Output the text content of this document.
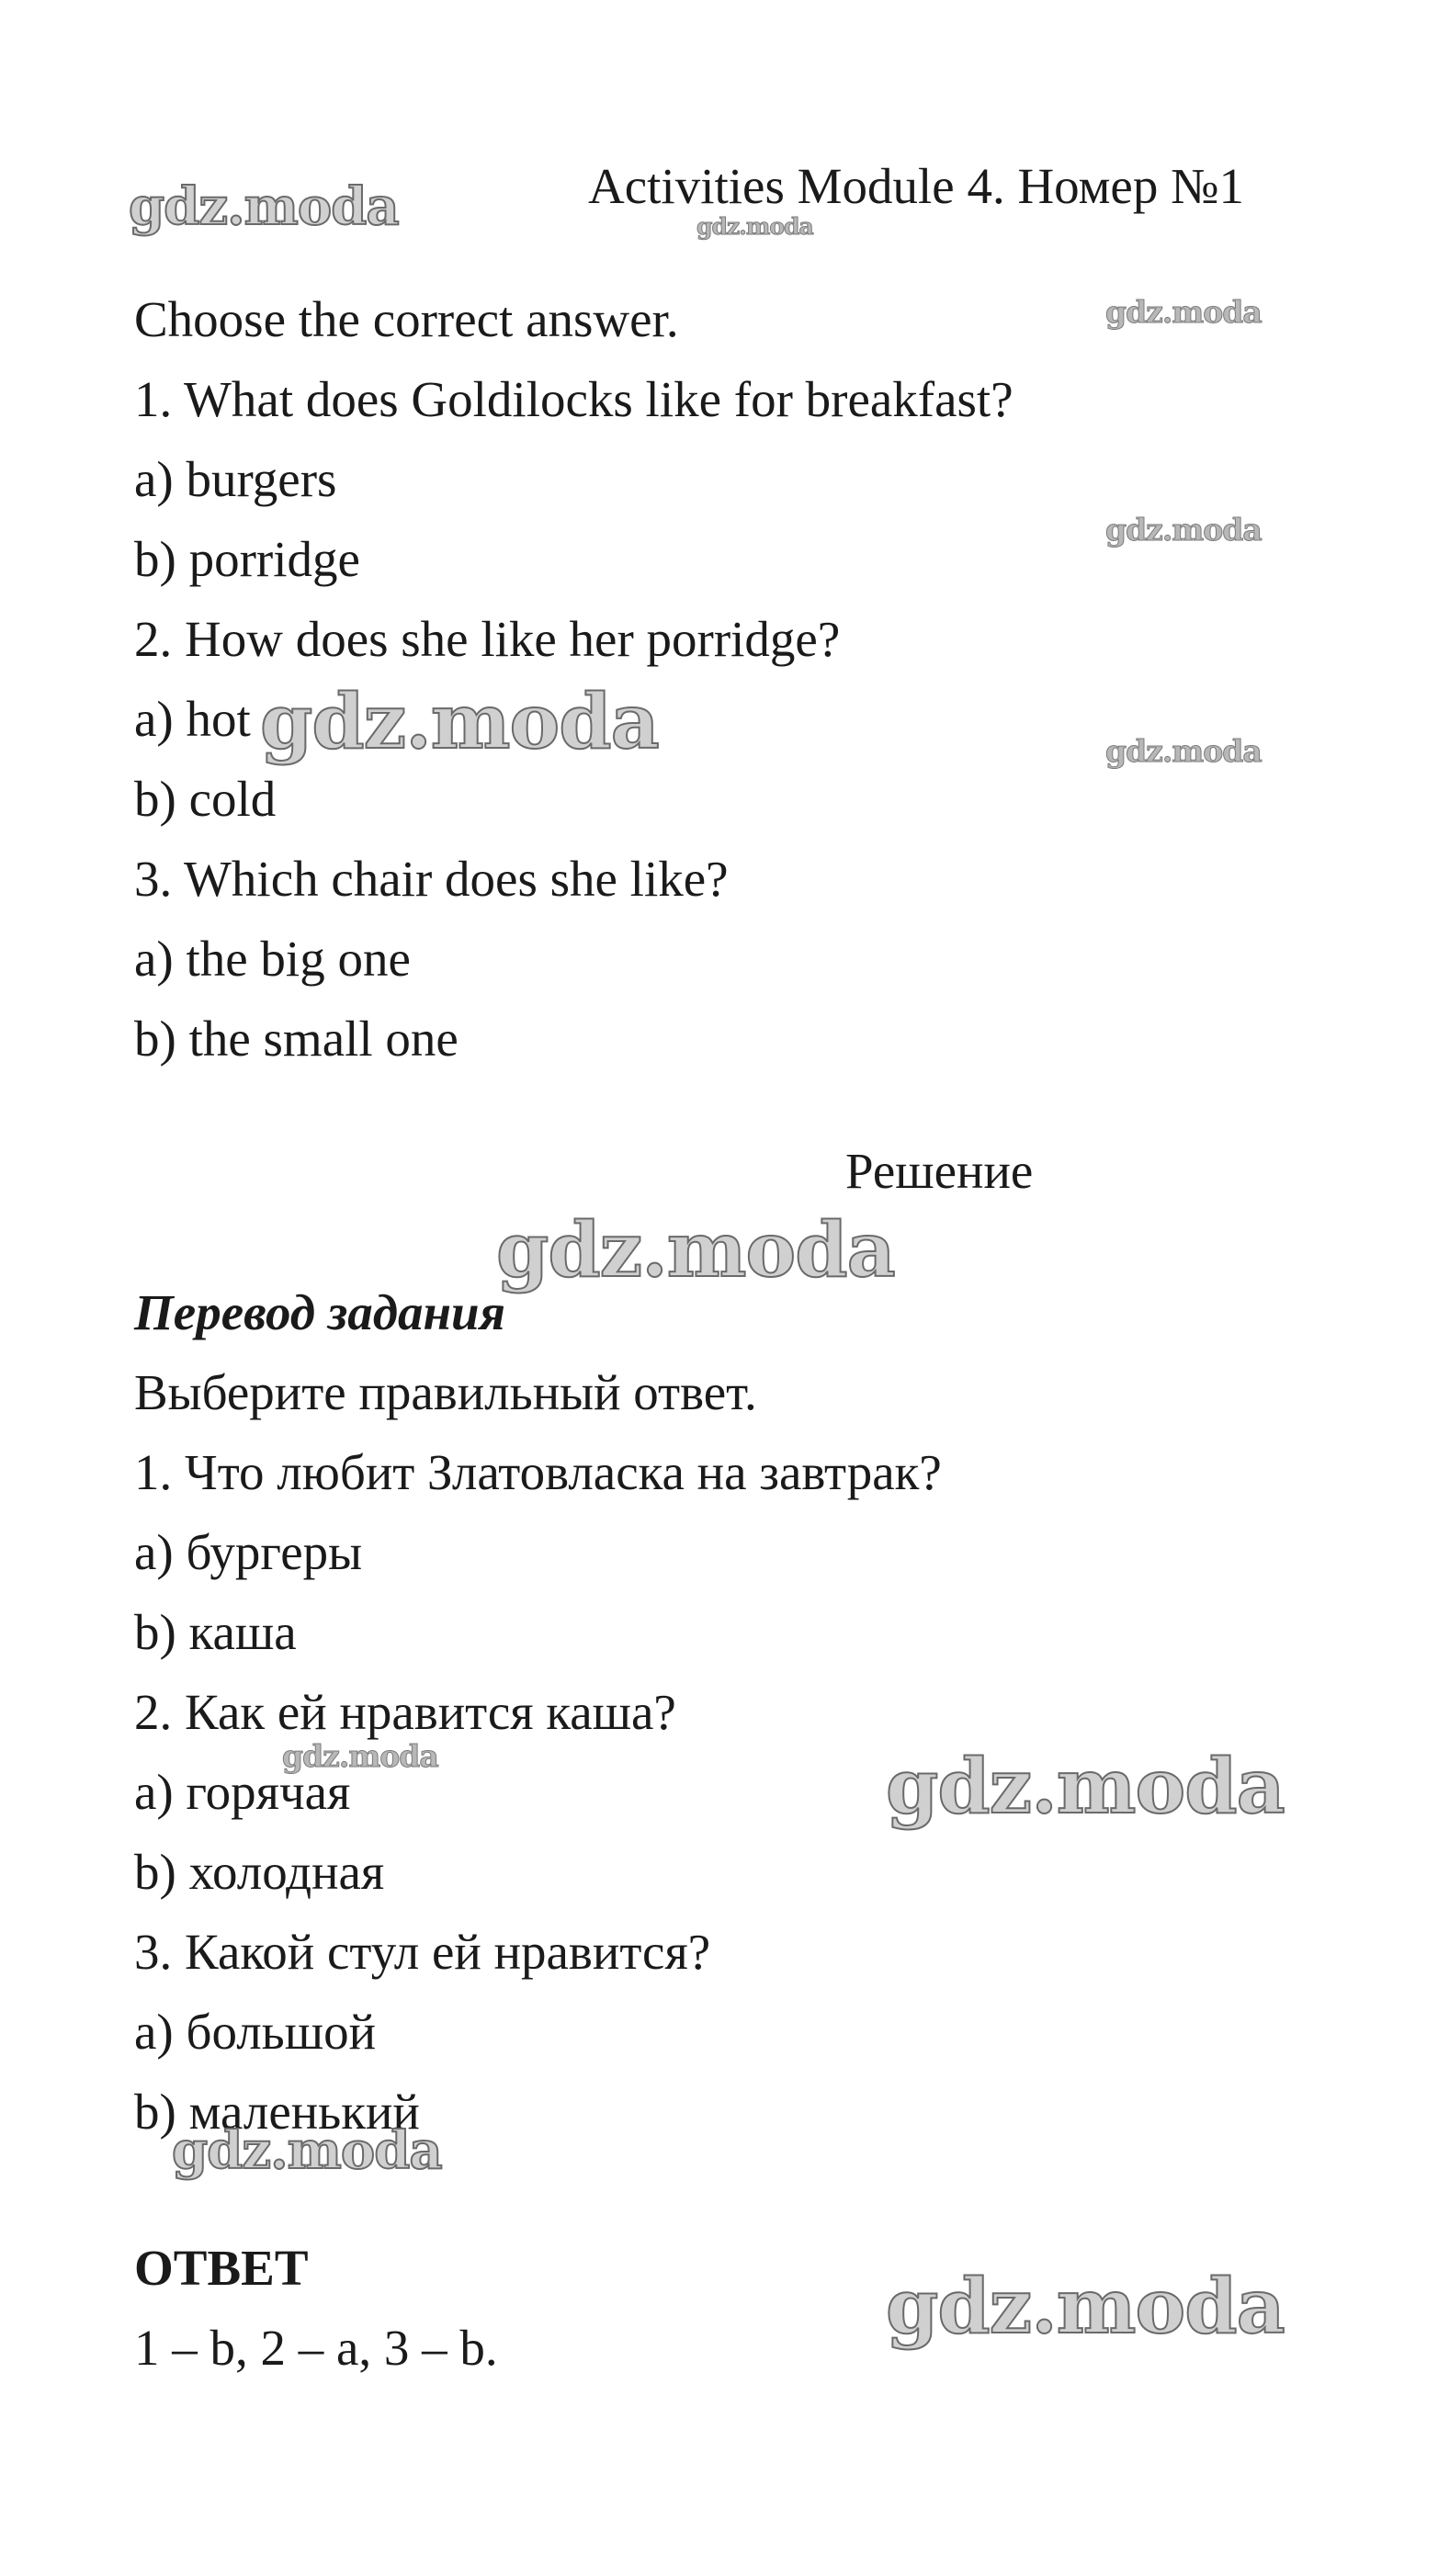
Activities Module 4. Номер №1
Choose the correct answer.
1. What does Goldilocks like for breakfast?
a) burgers
b) porridge
2. How does she like her porridge?
a) hot
b) cold
3. Which chair does she like?
a) the big one
b) the small one
Решение
Перевод задания
Выберите правильный ответ.
1. Что любит Златовласка на завтрак?
a) бургеры
b) каша
2. Как ей нравится каша?
a) горячая
b) холодная
3. Какой стул ей нравится?
a) большой
b) маленький
ОТВЕТ
1 – b, 2 – a, 3 – b.
gdz.moda	gdz.moda
gdz.moda
gdz.moda
gdz.moda	gdz.moda
gdz.moda
gdz.moda	gdz.moda
gdz.moda
gdz.moda
